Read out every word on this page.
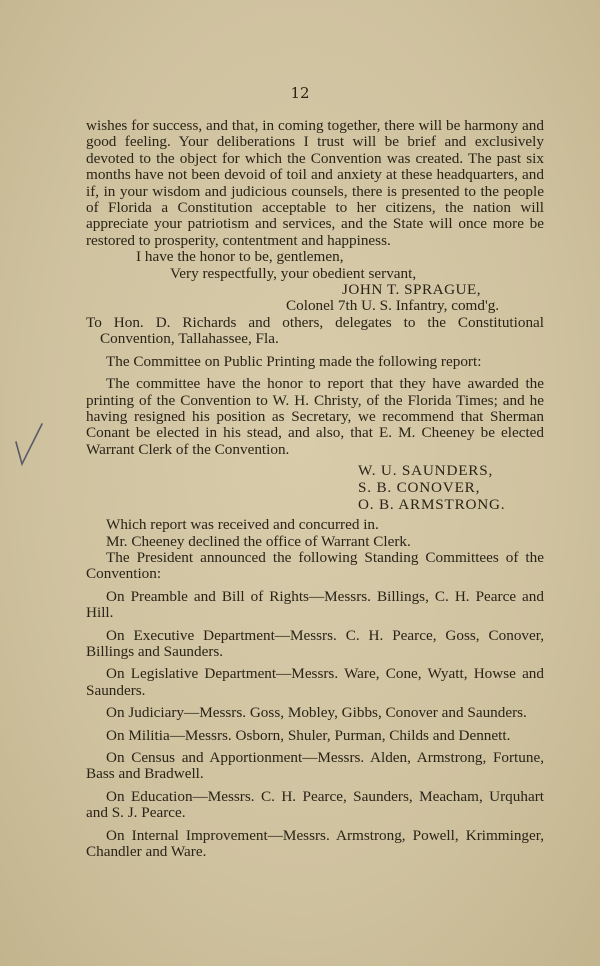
12

wishes for success, and that, in coming together, there will be harmony and good feeling. Your deliberations I trust will be brief and exclusively devoted to the object for which the Convention was created. The past six months have not been devoid of toil and anxiety at these headquarters, and if, in your wisdom and judicious counsels, there is presented to the people of Florida a Constitution acceptable to her citizens, the nation will appreciate your patriotism and services, and the State will once more be restored to prosperity, contentment and happiness.

I have the honor to be, gentlemen,

Very respectfully, your obedient servant,

JOHN T. SPRAGUE,

Colonel 7th U. S. Infantry, comd'g.

To Hon. D. Richards and others, delegates to the Constitutional Convention, Tallahassee, Fla.

The Committee on Public Printing made the following report:

The committee have the honor to report that they have awarded the printing of the Convention to W. H. Christy, of the Florida Times; and he having resigned his position as Secretary, we recommend that Sherman Conant be elected in his stead, and also, that E. M. Cheeney be elected Warrant Clerk of the Convention.

W. U. SAUNDERS,
S. B. CONOVER,
O. B. ARMSTRONG.

Which report was received and concurred in.

Mr. Cheeney declined the office of Warrant Clerk.

The President announced the following Standing Committees of the Convention:

On Preamble and Bill of Rights—Messrs. Billings, C. H. Pearce and Hill.

On Executive Department—Messrs. C. H. Pearce, Goss, Conover, Billings and Saunders.

On Legislative Department—Messrs. Ware, Cone, Wyatt, Howse and Saunders.

On Judiciary—Messrs. Goss, Mobley, Gibbs, Conover and Saunders.

On Militia—Messrs. Osborn, Shuler, Purman, Childs and Dennett.

On Census and Apportionment—Messrs. Alden, Armstrong, Fortune, Bass and Bradwell.

On Education—Messrs. C. H. Pearce, Saunders, Meacham, Urquhart and S. J. Pearce.

On Internal Improvement—Messrs. Armstrong, Powell, Krimminger, Chandler and Ware.
